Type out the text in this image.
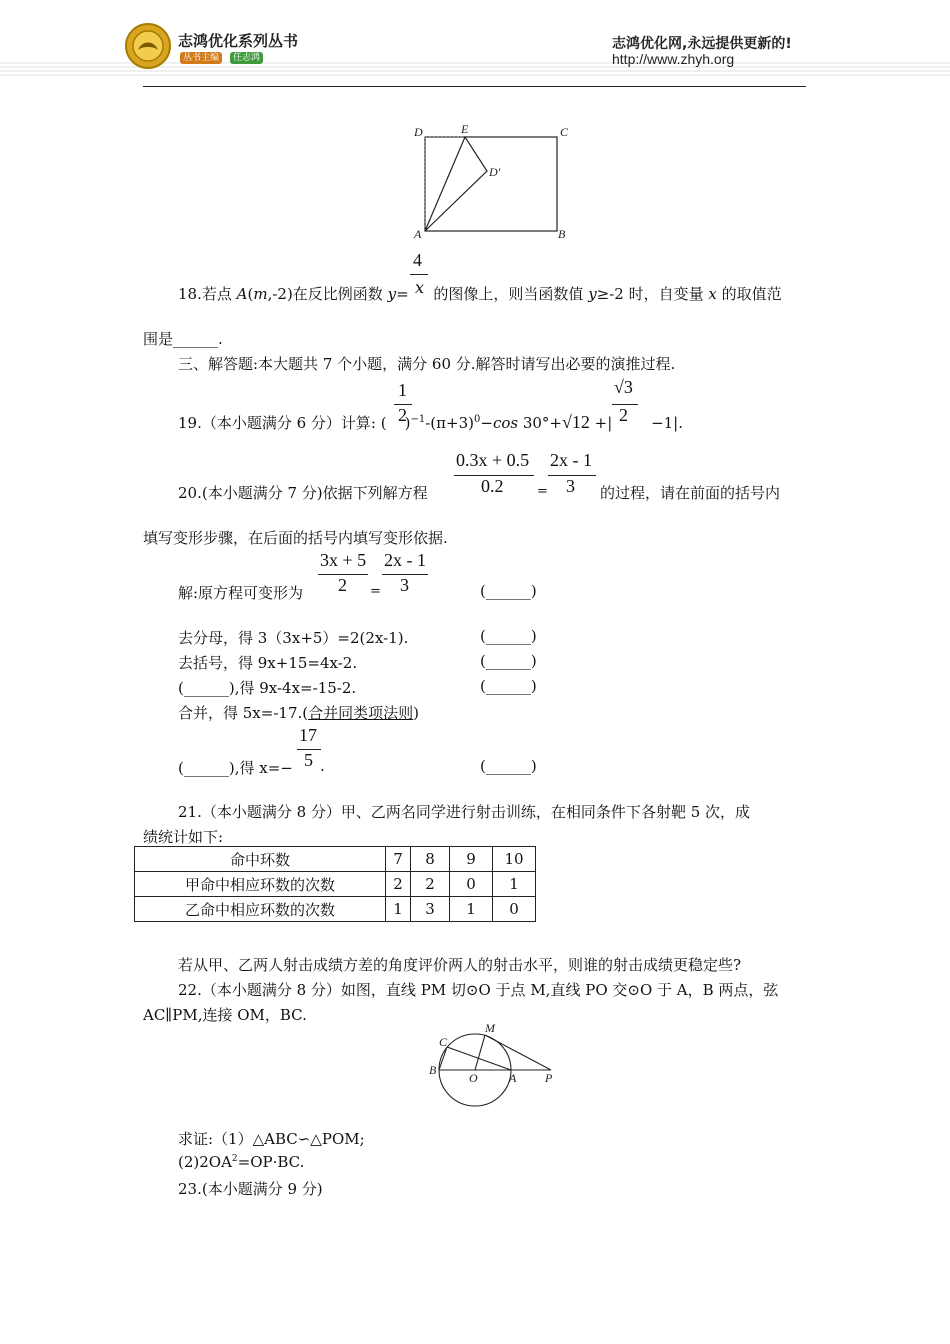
志鸿优化系列丛书
丛书主编	任志鸿
志鸿优化网,永远提供更新的!
http://www.zhyh.org
D	E	C
D′
A	B
4
18.若点 A(m,-2)在反比例函数 y= 的图像上，则当函数值 y≥-2 时，自变量 x 的取值范
x
围是______.
三、解答题:本大题共 7 个小题，满分 60 分.解答时请写出必要的演推过程.
1
2
√3
2
19.（本小题满分 6 分）计算: ( )$^{-1}-(\pi+3)^0-\cos$ 30°+√12 +| −1|.
0.3x + 0.5
0.2
2x - 1
3
20.(本小题满分 7 分)依据下列解方程	=	的过程，请在前面的括号内
填写变形步骤，在后面的括号内填写变形依据.
3x + 5
2
2x - 1
3
解:原方程可变形为	=	(______)
去分母，得 3（3x+5）=2(2x-1).	(______)
去括号，得 9x+15=4x-2.	(______)
(______),得 9x-4x=-15-2.	(______)
合并，得 5x=-17.(合并同类项法则)
17
5
(______),得 x=− .	(______)
21.（本小题满分 8 分）甲、乙两名同学进行射击训练，在相同条件下各射靶 5 次，成
绩统计如下:
命中环数	7	8	9	10
甲命中相应环数的次数	2	2	0	1
乙命中相应环数的次数	1	3	1	0
若从甲、乙两人射击成绩方差的角度评价两人的射击水平，则谁的射击成绩更稳定些?
22.（本小题满分 8 分）如图，直线 PM 切⊙O 于点 M,直线 PO 交⊙O 于 A，B 两点，弦
AC∥PM,连接 OM，BC.
M
C
B
O	A P
求证:（1）△ABC∽△POM;
$(2)2OA^2=OP\cdot BC$.
23.(本小题满分 9 分)
